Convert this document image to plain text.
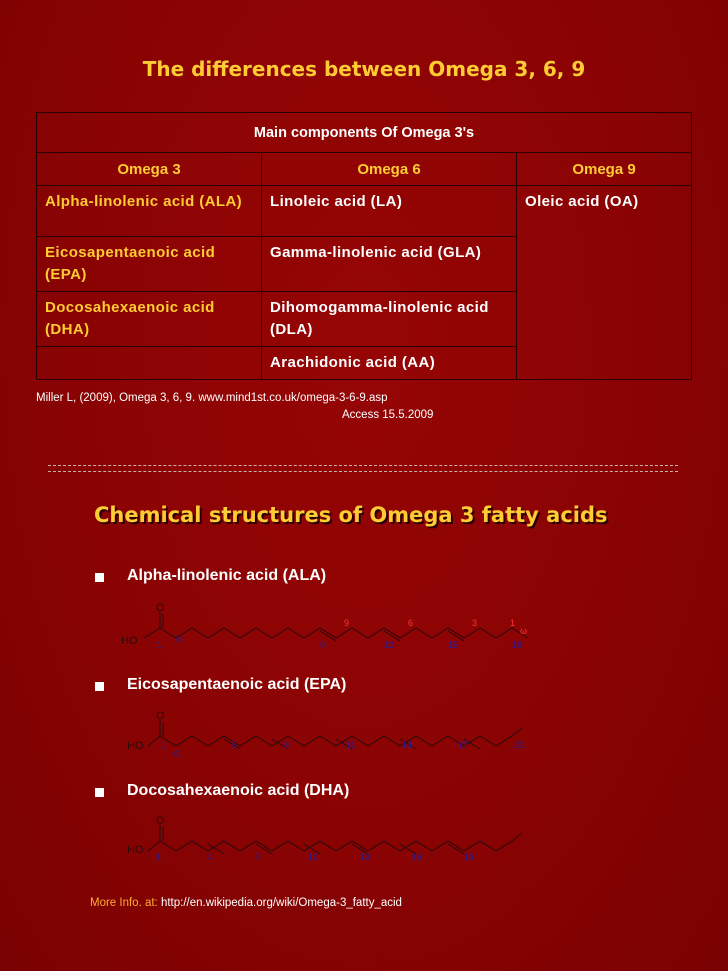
The differences between Omega 3, 6, 9
Main components Of Omega 3's		
Omega 3	Omega 6	Omega 9
Alpha-linolenic acid (ALA)	Linoleic acid (LA)	Oleic acid (OA)
Eicosapentaenoic acid (EPA)	Gamma-linolenic acid (GLA)	
Docosahexaenoic acid (DHA)	Dihomogamma-linolenic acid (DLA)	
	Arachidonic acid (AA)	
Miller L, (2009), Omega 3, 6, 9. www.mind1st.co.uk/omega-3-6-9.asp
Access 15.5.2009
Chemical structures of Omega 3 fatty acids
Alpha-linolenic acid (ALA)
O
HO 1
α
9	12	15	18
9	6	3	1
ω
Eicosapentaenoic acid (EPA)
O
HO 1
α
5	8	11	14	17	20
Docosahexaenoic acid (DHA)
O
HO
1	4	7	10	13	16	19
More Info. at: http://en.wikipedia.org/wiki/Omega-3_fatty_acid
